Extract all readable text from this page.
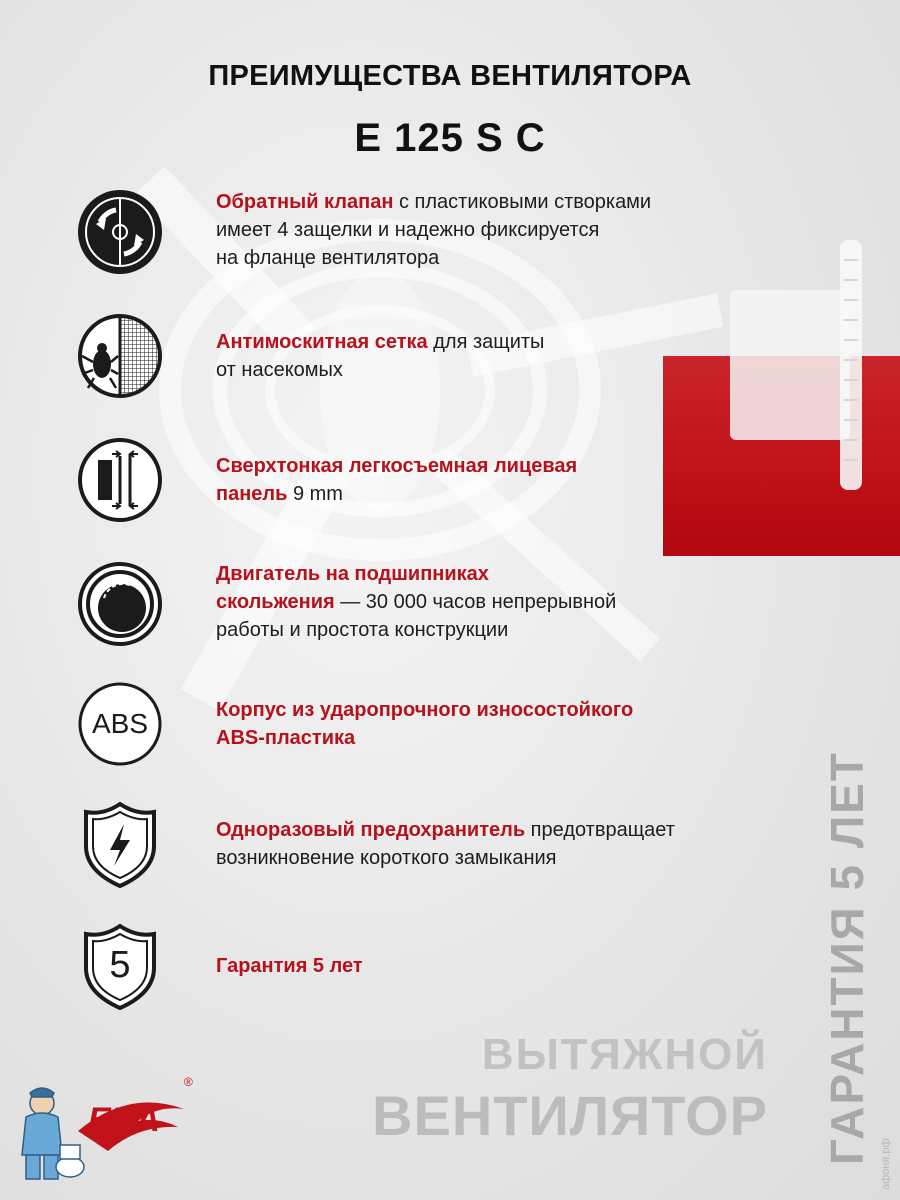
ПРЕИМУЩЕСТВА ВЕНТИЛЯТОРА
E 125 S C
Обратный клапан с пластиковыми створками
имеет 4 защелки и надежно фиксируется
на фланце вентилятора
Антимоскитная сетка для защиты
от насекомых
Сверхтонкая легкосъемная лицевая
панель 9 mm
Двигатель на подшипниках
скольжения — 30 000 часов непрерывной
работы и простота конструкции
ABS	Корпус из ударопрочного износостойкого
ABS-пластика
Одноразовый предохранитель предотвращает
возникновение короткого замыкания
5	Гарантия 5 лет
ВЫТЯЖНОЙ
ВЕНТИЛЯТОР ГАРАНТИЯ 5 ЛЕТ афоня.рф
ERA
®
